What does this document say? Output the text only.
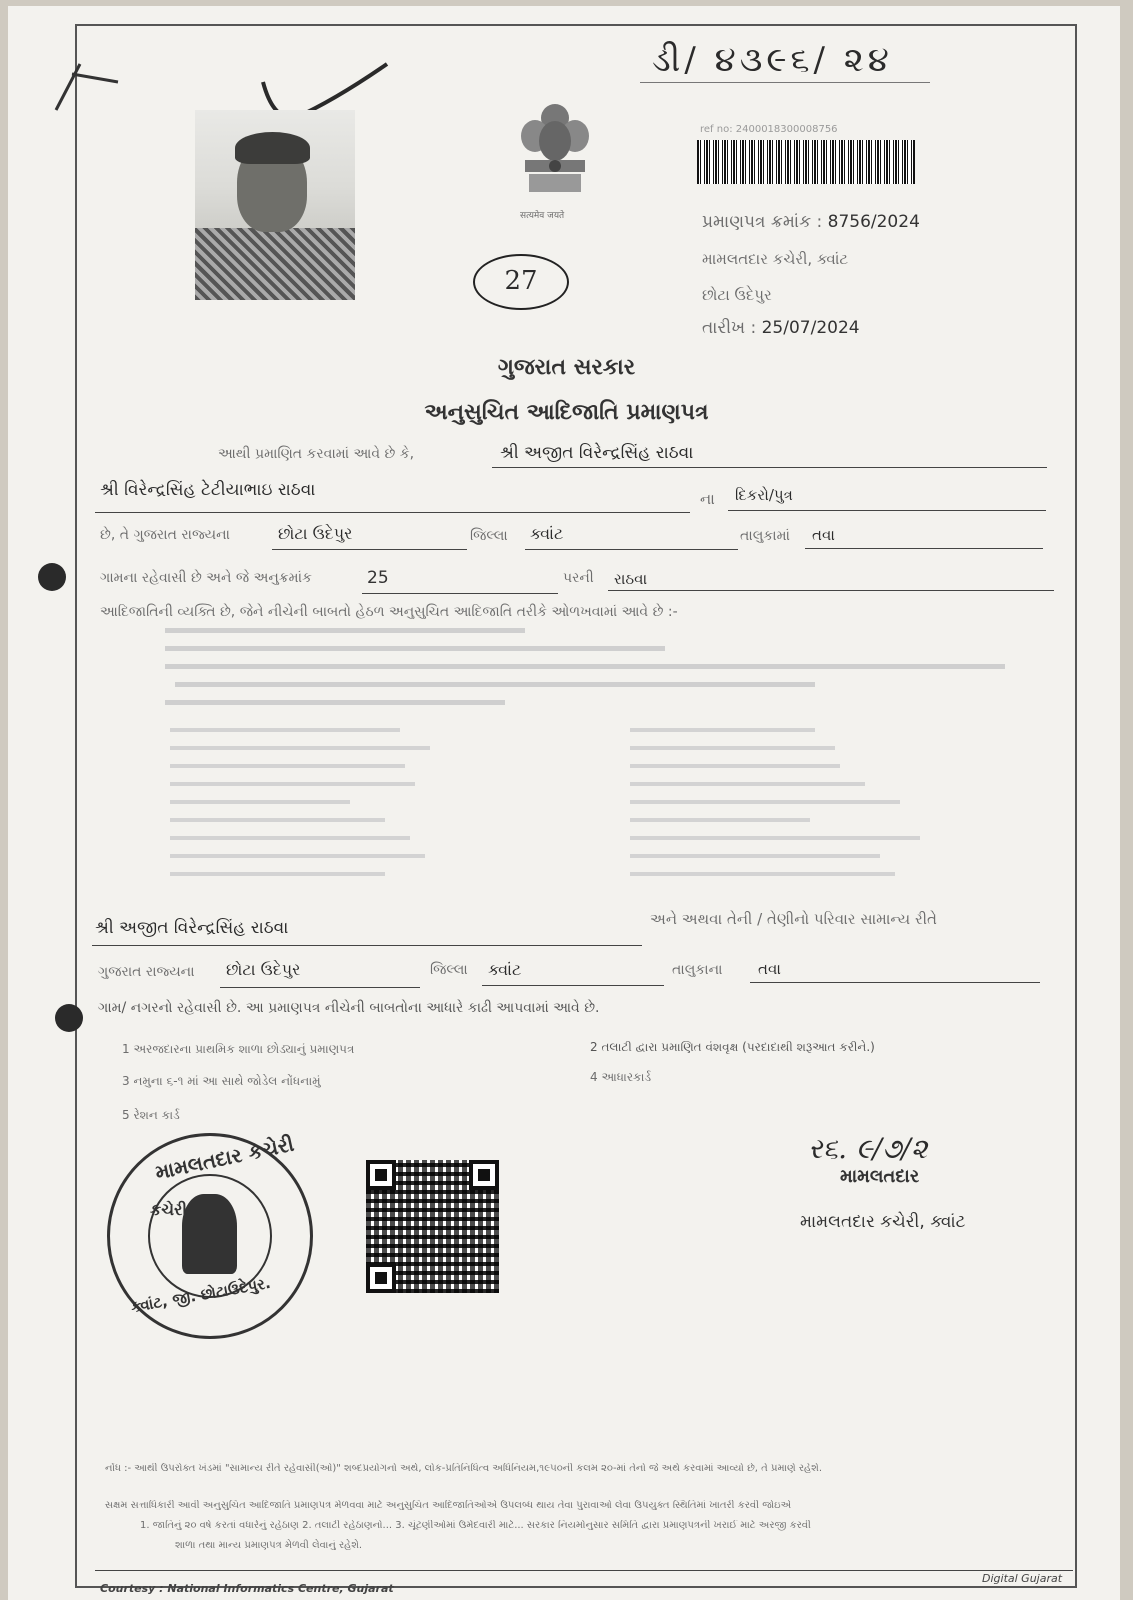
ડી/ ૪૩૯૬/ ૨૪
सत्यमेव जयते
ref no: 2400018300008756
પ્રમાણપત્ર ક્રમાંક : 8756/2024
મામલતદાર કચેરી, ક્વાંટ
છોટા ઉદેપુર
તારીખ : 25/07/2024
27
ગુજરાત સરકાર
અનુસુચિત આદિજાતિ પ્રમાણપત્ર
આથી પ્રમાણિત કરવામાં આવે છે કે,	શ્રી અજીત વિરેન્દ્રસિંહ રાઠવા
શ્રી વિરેન્દ્રસિંહ ટેટીયાભાઇ રાઠવા	ના દિકરો/પુત્ર
છે, તે ગુજરાત રાજ્યના	છોટા ઉદેપુર	જિલ્લા ક્વાંટ	તાલુકામાં તવા
ગામના રહેવાસી છે અને જે અનુક્રમાંક	25	પરની રાઠવા
આદિજાતિની વ્યક્તિ છે, જેને નીચેની બાબતો હેઠળ અનુસુચિત આદિજાતિ તરીકે ઓળખવામાં આવે છે :-
શ્રી અજીત વિરેન્દ્રસિંહ રાઠવા	અને અથવા તેની / તેણીનો પરિવાર સામાન્ય રીતે
ગુજરાત રાજ્યના છોટા ઉદેપુર	જિલ્લા ક્વાંટ	તાલુકાના તવા
ગામ/ નગરનો રહેવાસી છે. આ પ્રમાણપત્ર નીચેની બાબતોના આધારે કાઢી આપવામાં આવે છે.
1 અરજદારના પ્રાથમિક શાળા છોડ્યાનું પ્રમાણપત્ર	2 તલાટી દ્વારા પ્રમાણિત વંશવૃક્ષ (પરદાદાથી શરૂઆત કરીને.)
3 નમુના ૬-૧ માં આ સાથે જોડેલ નોંધનામું	4 આધારકાર્ડ
5 રેશન કાર્ડ
મામલતદાર કચેરી
કચેરી
ક્વાંટ, જી. છોટાઉદેપુર.
ર૬. ૯/૭/૨
મામલતદાર
મામલતદાર કચેરી, ક્વાંટ
નોંધ :- આથી ઉપરોક્ત ખંડમાં "સામાન્ય રીતે રહેવાસી(ઓ)" શબ્દપ્રયોગનો અર્થ, લોક-પ્રતિનિધિત્વ અધિનિયમ,૧૯૫૦ની કલમ ૨૦-માં તેનો જે અર્થ કરવામાં આવ્યો છે, તે પ્રમાણે રહેશે.
સક્ષમ સત્તાધિકારી આવી અનુસુચિત આદિજાતિ પ્રમાણપત્ર મેળવવા માટે અનુસુચિત આદિજાતિઓએ ઉપલબ્ધ થાય તેવા પુરાવાઓ લેવા ઉપયુક્ત સ્થિતિમાં ખાતરી કરવી જોઇએ
1. જાતિનું ૨૦ વર્ષ કરતાં વધારેનું રહેઠાણ 2. તલાટી રહેઠાણનો... 3. ચૂંટણીઓમાં ઉમેદવારી માટે... સરકાર નિયમોનુસાર સમિતિ દ્વારા પ્રમાણપત્રની ખરાઈ માટે અરજી કરવી
શાળા તથા માન્ય પ્રમાણપત્ર મેળવી લેવાનું રહેશે.
Courtesy : National Informatics Centre, Gujarat
Digital Gujarat
